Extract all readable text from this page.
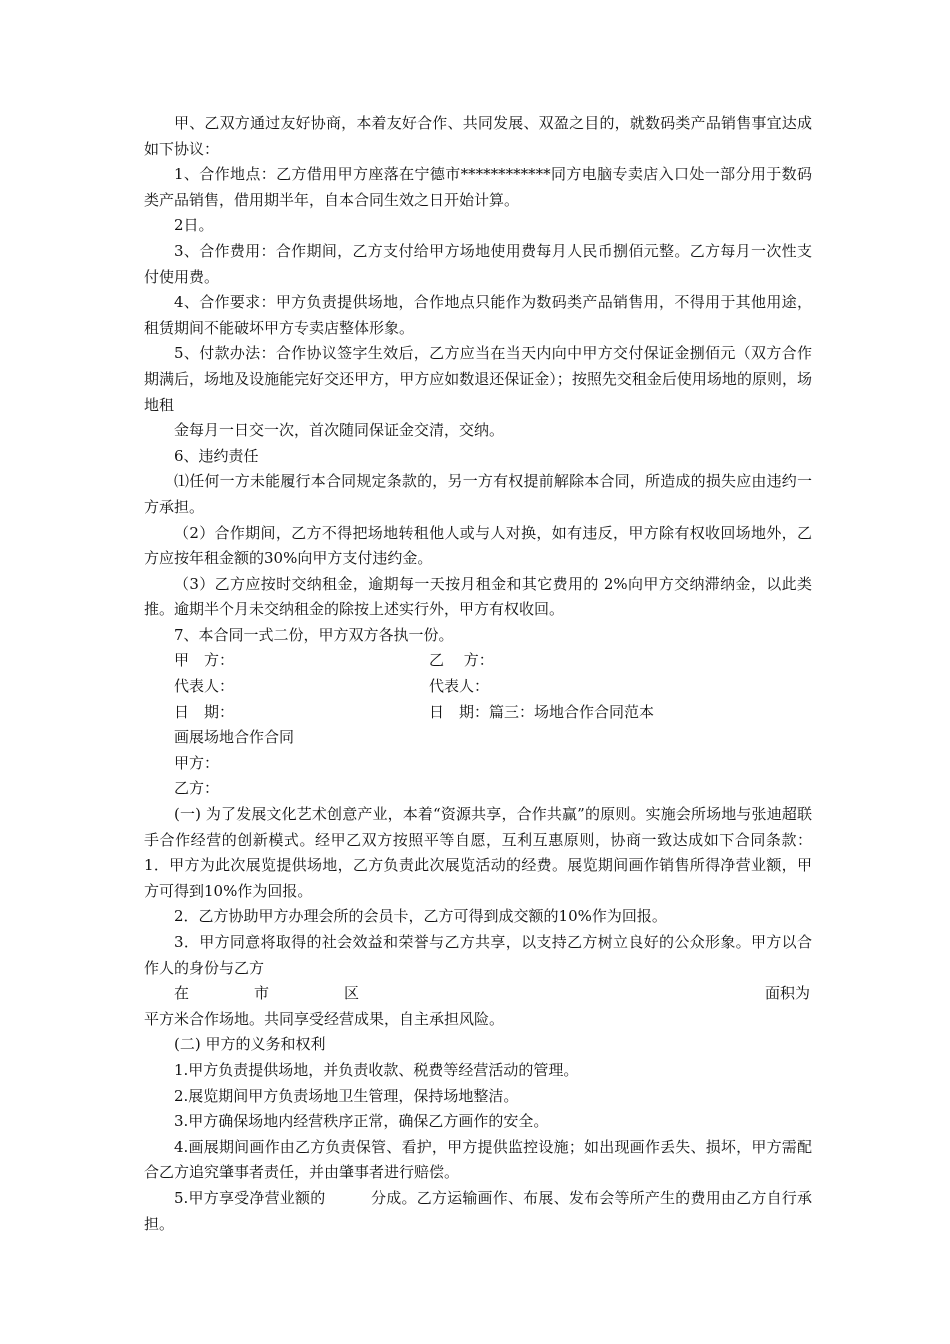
甲、乙双方通过友好协商，本着友好合作、共同发展、双盈之目的，就数码类产品销售事宜达成如下协议：

1、合作地点：乙方借用甲方座落在宁德市************同方电脑专卖店入口处一部分用于数码类产品销售，借用期半年，自本合同生效之日开始计算。

2日。

3、合作费用：合作期间，乙方支付给甲方场地使用费每月人民币捌佰元整。乙方每月一次性支付使用费。

4、合作要求：甲方负责提供场地，合作地点只能作为数码类产品销售用，不得用于其他用途，租赁期间不能破坏甲方专卖店整体形象。

5、付款办法：合作协议签字生效后，乙方应当在当天内向中甲方交付保证金捌佰元（双方合作期满后，场地及设施能完好交还甲方，甲方应如数退还保证金）；按照先交租金后使用场地的原则，场地租

金每月一日交一次，首次随同保证金交清，交纳。

6、违约责任

⑴任何一方未能履行本合同规定条款的，另一方有权提前解除本合同，所造成的损失应由违约一方承担。

（2）合作期间，乙方不得把场地转租他人或与人对换，如有违反，甲方除有权收回场地外，乙方应按年租金额的30%向甲方支付违约金。

（3）乙方应按时交纳租金，逾期每一天按月租金和其它费用的 2%向甲方交纳滞纳金，以此类推。逾期半个月未交纳租金的除按上述实行外，甲方有权收回。

7、本合同一式二份，甲方双方各执一份。

甲　方：	乙　 方：
代表人：	代表人：
日　期：	日　期：篇三：场地合作合同范本

画展场地合作合同

甲方：

乙方：

(一) 为了发展文化艺术创意产业，本着“资源共享，合作共赢”的原则。实施会所场地与张迪超联手合作经营的创新模式。经甲乙双方按照平等自愿，互利互惠原则，协商一致达成如下合同条款： 1．甲方为此次展览提供场地，乙方负责此次展览活动的经费。展览期间画作销售所得净营业额，甲方可得到10%作为回报。

2．乙方协助甲方办理会所的会员卡，乙方可得到成交额的10%作为回报。

3．甲方同意将取得的社会效益和荣誉与乙方共享，以支持乙方树立良好的公众形象。甲方以合作人的身份与乙方

在	市	区	面积为

平方米合作场地。共同享受经营成果，自主承担风险。

(二) 甲方的义务和权利

1.甲方负责提供场地，并负责收款、税费等经营活动的管理。

2.展览期间甲方负责场地卫生管理，保持场地整洁。

3.甲方确保场地内经营秩序正常，确保乙方画作的安全。

4.画展期间画作由乙方负责保管、看护，甲方提供监控设施；如出现画作丢失、损坏，甲方需配合乙方追究肇事者责任，并由肇事者进行赔偿。

5.甲方享受净营业额的　　　分成。乙方运输画作、布展、发布会等所产生的费用由乙方自行承担。
